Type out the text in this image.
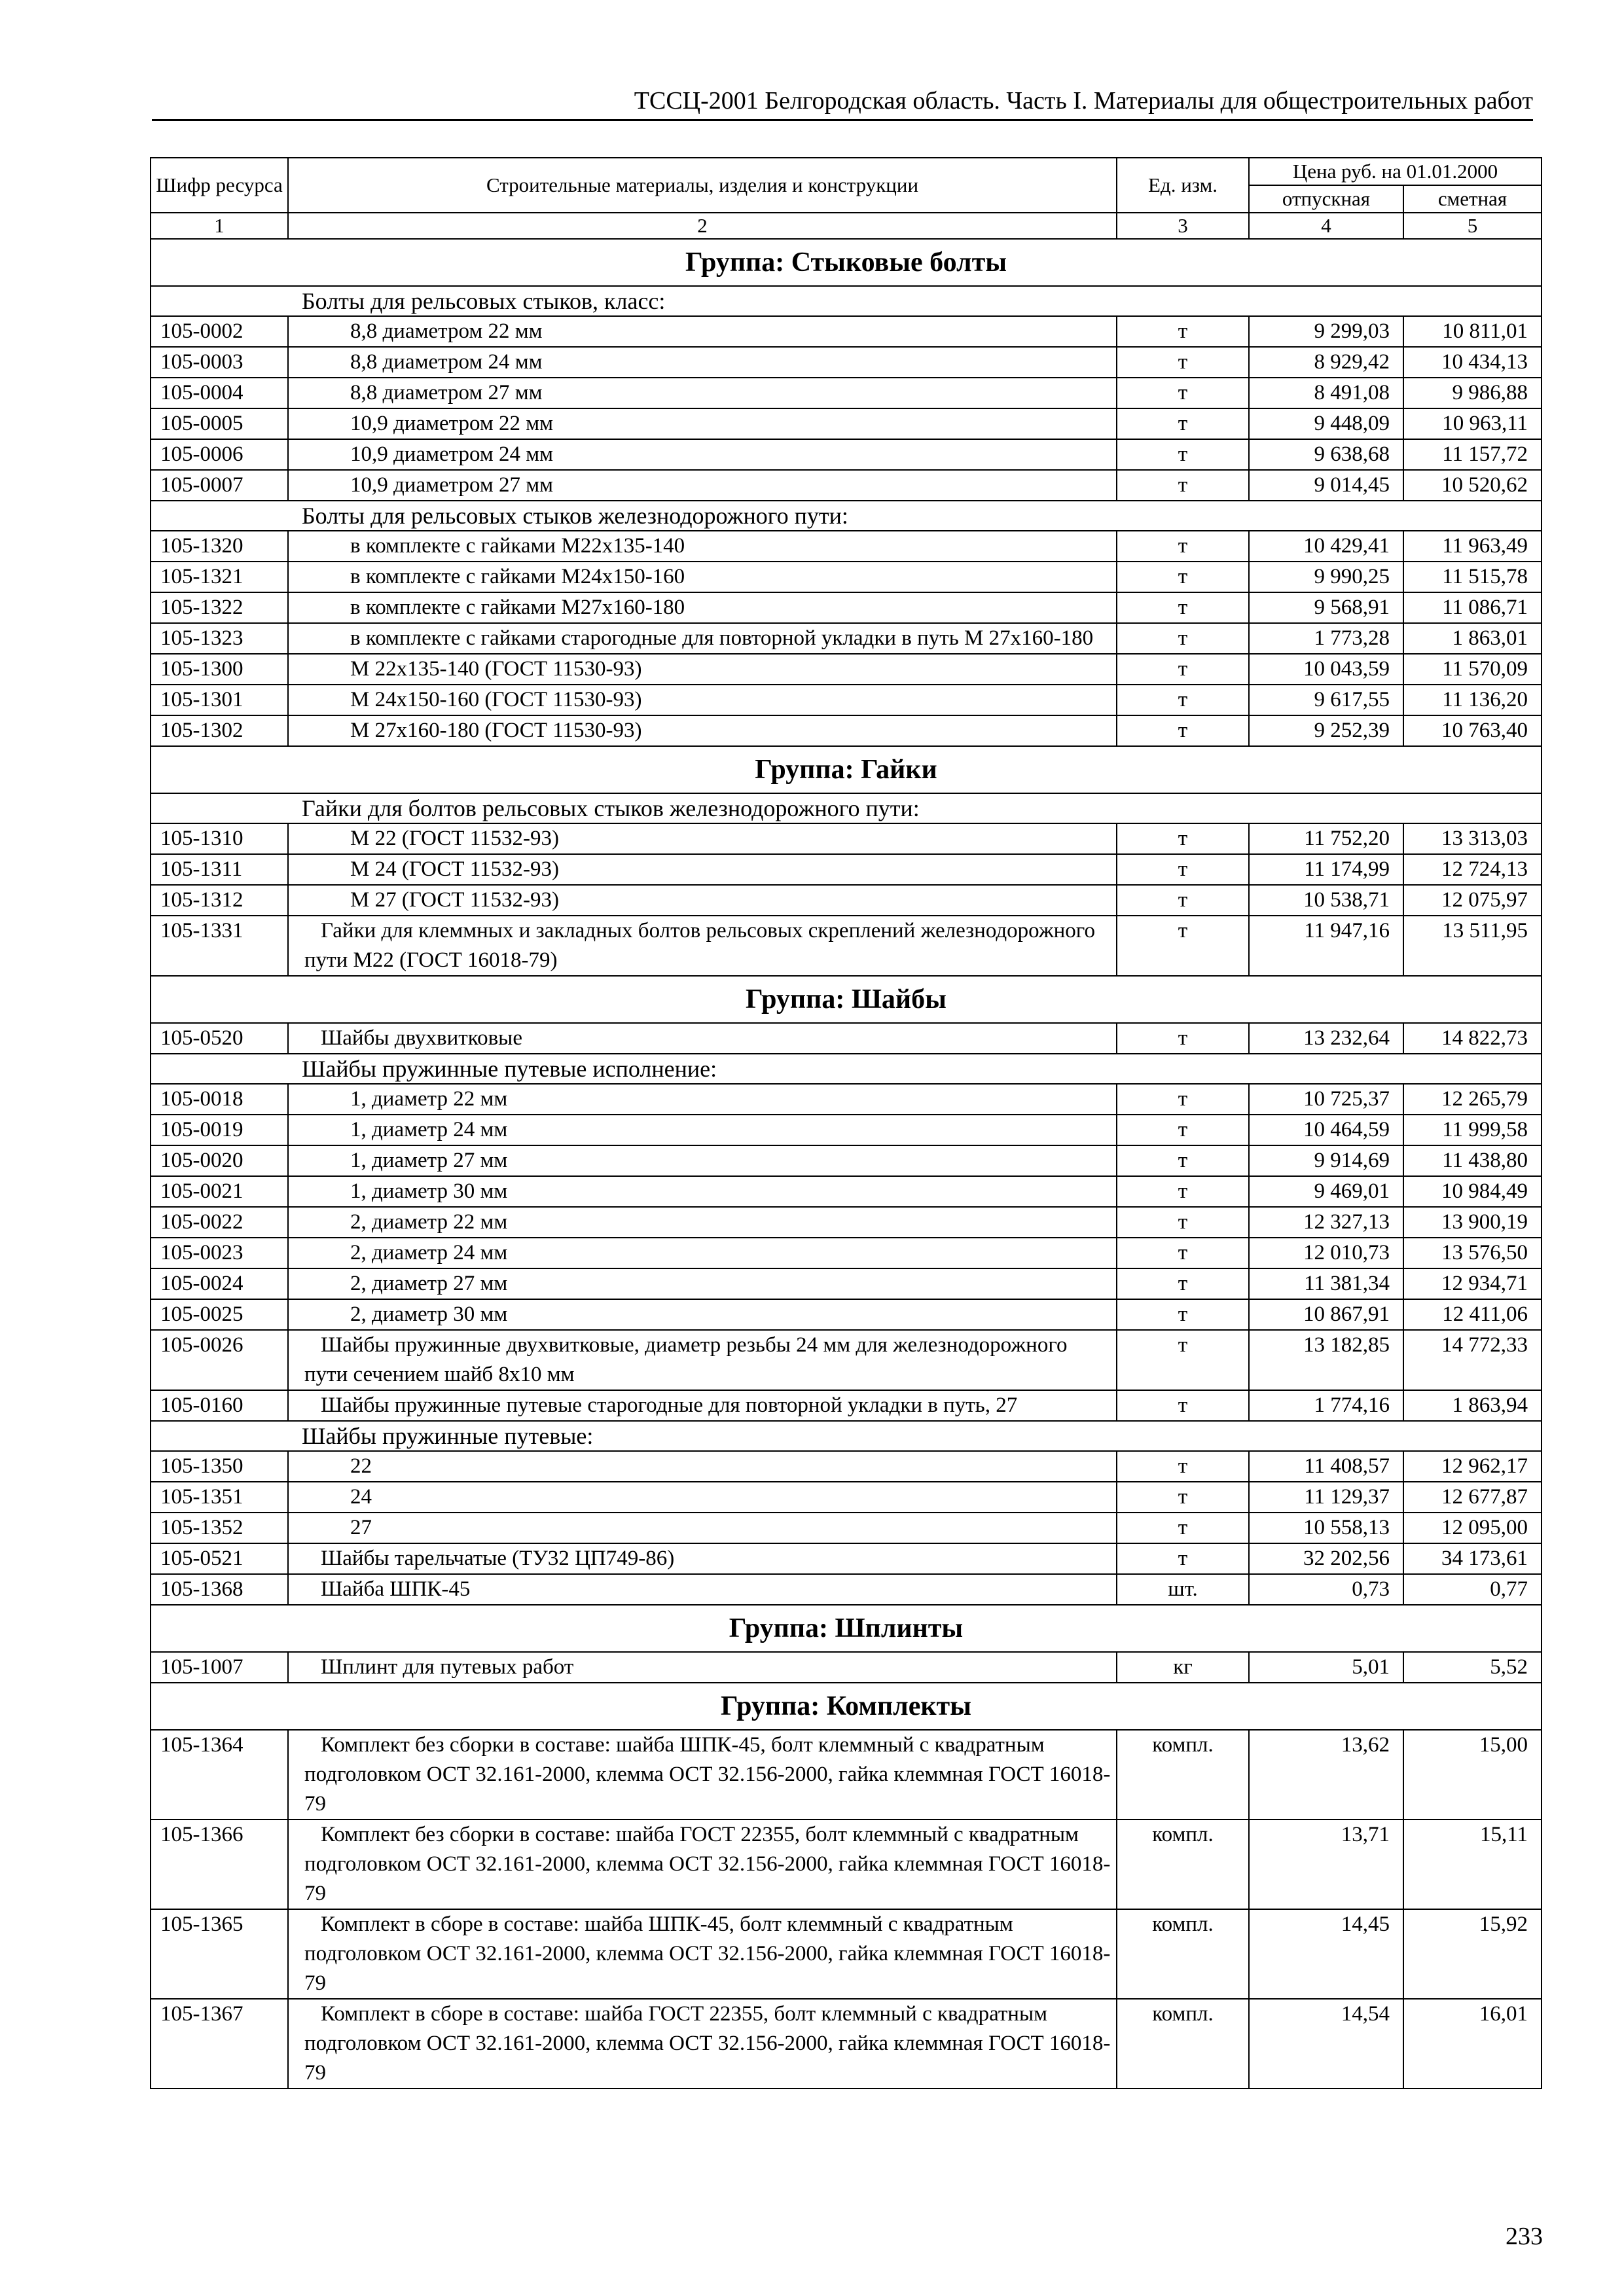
ТССЦ-2001 Белгородская область. Часть I. Материалы для общестроительных работ
Шифр ресурса	Строительные материалы, изделия и конструкции	Ед. изм.	Цена руб. на 01.01.2000	
			отпускная	сметная
1	2	3	4	5
Группа: Стыковые болты				
Болты для рельсовых стыков, класс:				
105-0002	8,8 диаметром 22 мм	т	9 299,03	10 811,01
105-0003	8,8 диаметром 24 мм	т	8 929,42	10 434,13
105-0004	8,8 диаметром 27 мм	т	8 491,08	9 986,88
105-0005	10,9 диаметром 22 мм	т	9 448,09	10 963,11
105-0006	10,9 диаметром 24 мм	т	9 638,68	11 157,72
105-0007	10,9 диаметром 27 мм	т	9 014,45	10 520,62
Болты для рельсовых стыков железнодорожного пути:				
105-1320	в комплекте с гайками М22х135-140	т	10 429,41	11 963,49
105-1321	в комплекте с гайками М24х150-160	т	9 990,25	11 515,78
105-1322	в комплекте с гайками М27х160-180	т	9 568,91	11 086,71
105-1323	в комплекте с гайками старогодные для повторной укладки в путь М 27х160-180	т	1 773,28	1 863,01
105-1300	М 22х135-140 (ГОСТ 11530-93)	т	10 043,59	11 570,09
105-1301	М 24х150-160 (ГОСТ 11530-93)	т	9 617,55	11 136,20
105-1302	М 27х160-180 (ГОСТ 11530-93)	т	9 252,39	10 763,40
Группа: Гайки				
Гайки для болтов рельсовых стыков железнодорожного пути:				
105-1310	М 22 (ГОСТ 11532-93)	т	11 752,20	13 313,03
105-1311	М 24 (ГОСТ 11532-93)	т	11 174,99	12 724,13
105-1312	М 27 (ГОСТ 11532-93)	т	10 538,71	12 075,97
105-1331	Гайки для клеммных и закладных болтов рельсовых скреплений железнодорожного пути М22 (ГОСТ 16018-79)	т	11 947,16	13 511,95
Группа: Шайбы				
105-0520	Шайбы двухвитковые	т	13 232,64	14 822,73
Шайбы пружинные путевые исполнение:				
105-0018	1, диаметр 22 мм	т	10 725,37	12 265,79
105-0019	1, диаметр 24 мм	т	10 464,59	11 999,58
105-0020	1, диаметр 27 мм	т	9 914,69	11 438,80
105-0021	1, диаметр 30 мм	т	9 469,01	10 984,49
105-0022	2, диаметр 22 мм	т	12 327,13	13 900,19
105-0023	2, диаметр 24 мм	т	12 010,73	13 576,50
105-0024	2, диаметр 27 мм	т	11 381,34	12 934,71
105-0025	2, диаметр 30 мм	т	10 867,91	12 411,06
105-0026	Шайбы пружинные двухвитковые, диаметр резьбы 24 мм для железнодорожного пути сечением шайб 8х10 мм	т	13 182,85	14 772,33
105-0160	Шайбы пружинные путевые старогодные для повторной укладки в путь, 27	т	1 774,16	1 863,94
Шайбы пружинные путевые:				
105-1350	22	т	11 408,57	12 962,17
105-1351	24	т	11 129,37	12 677,87
105-1352	27	т	10 558,13	12 095,00
105-0521	Шайбы тарельчатые (ТУ32 ЦП749-86)	т	32 202,56	34 173,61
105-1368	Шайба ШПК-45	шт.	0,73	0,77
Группа: Шплинты				
105-1007	Шплинт для путевых работ	кг	5,01	5,52
Группа: Комплекты				
105-1364	Комплект без сборки в составе: шайба ШПК-45, болт клеммный с квадратным подголовком ОСТ 32.161-2000, клемма ОСТ 32.156-2000, гайка клеммная ГОСТ 16018-79	компл.	13,62	15,00
105-1366	Комплект без сборки в составе: шайба ГОСТ 22355, болт клеммный с квадратным подголовком ОСТ 32.161-2000, клемма ОСТ 32.156-2000, гайка клеммная ГОСТ 16018-79	компл.	13,71	15,11
105-1365	Комплект в сборе в составе: шайба ШПК-45, болт клеммный с квадратным подголовком ОСТ 32.161-2000, клемма ОСТ 32.156-2000, гайка клеммная ГОСТ 16018-79	компл.	14,45	15,92
105-1367	Комплект в сборе в составе: шайба ГОСТ 22355, болт клеммный с квадратным подголовком ОСТ 32.161-2000, клемма ОСТ 32.156-2000, гайка клеммная ГОСТ 16018-79	компл.	14,54	16,01
233
